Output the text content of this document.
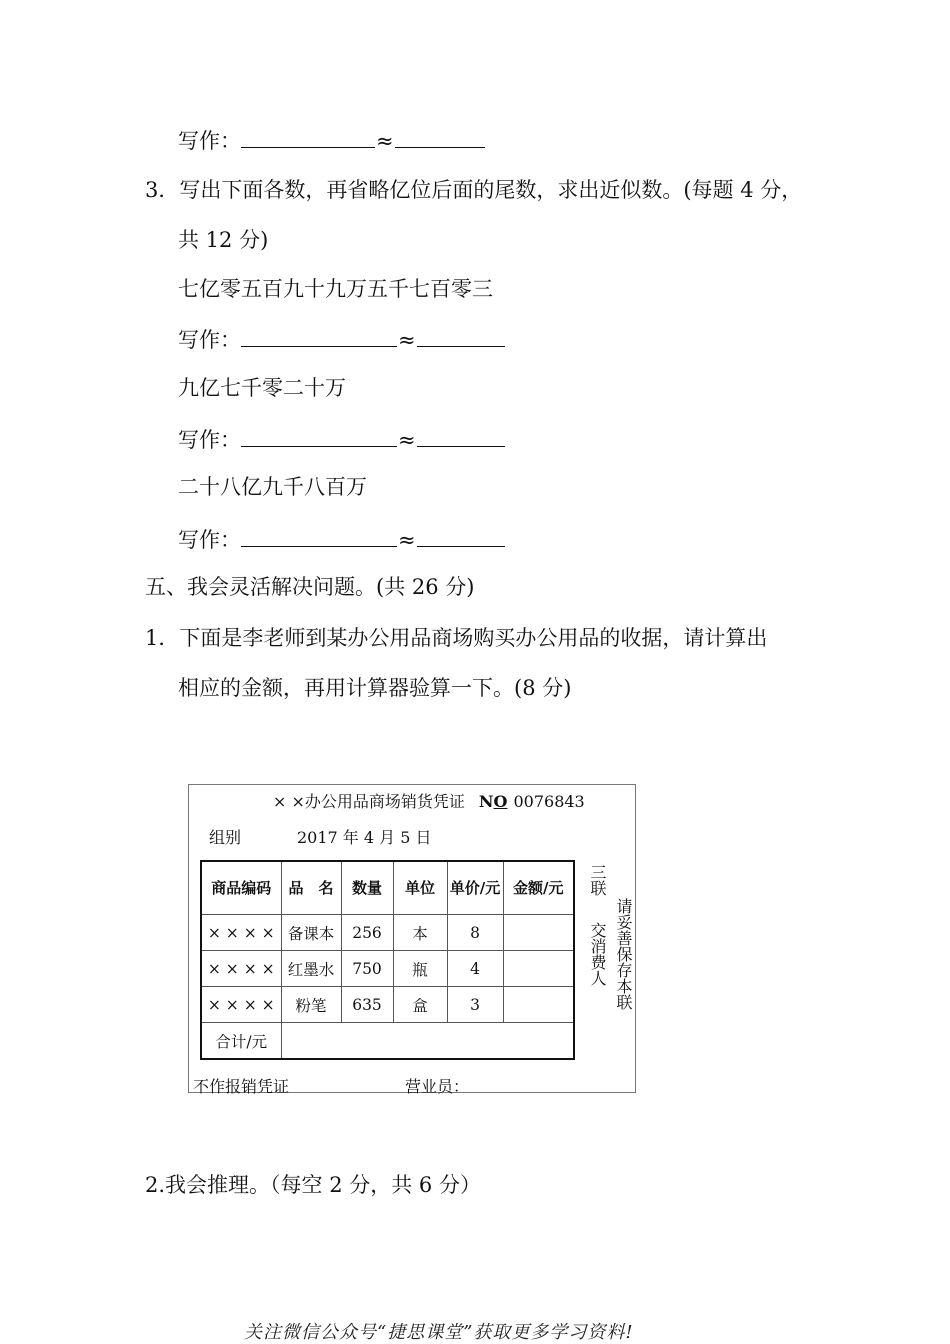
写作：	≈
3．写出下面各数，再省略亿位后面的尾数，求出近似数。(每题 4 分，
共 12 分)
七亿零五百九十九万五千七百零三
写作：	≈
九亿七千零二十万
写作：	≈
二十八亿九千八百万
写作：	≈
五、我会灵活解决问题。(共 26 分)
1．下面是李老师到某办公用品商场购买办公用品的收据，请计算出
相应的金额，再用计算器验算一下。(8 分)
× ×办公用品商场销货凭证 NO 0076843
组别	2017 年 4 月 5 日
商品编码	品　名	数量	单位	单价/元	金额/元
× × × ×	备课本	256	本	8	
× × × ×	红墨水	750	瓶	4	
× × × ×	粉笔	635	盒	3	
合计/元					
三联
交消费人 请妥善保存本联
不作报销凭证	营业员：
2.我会推理。（每空 2 分，共 6 分）
关注微信公众号“捷思课堂”获取更多学习资料!
